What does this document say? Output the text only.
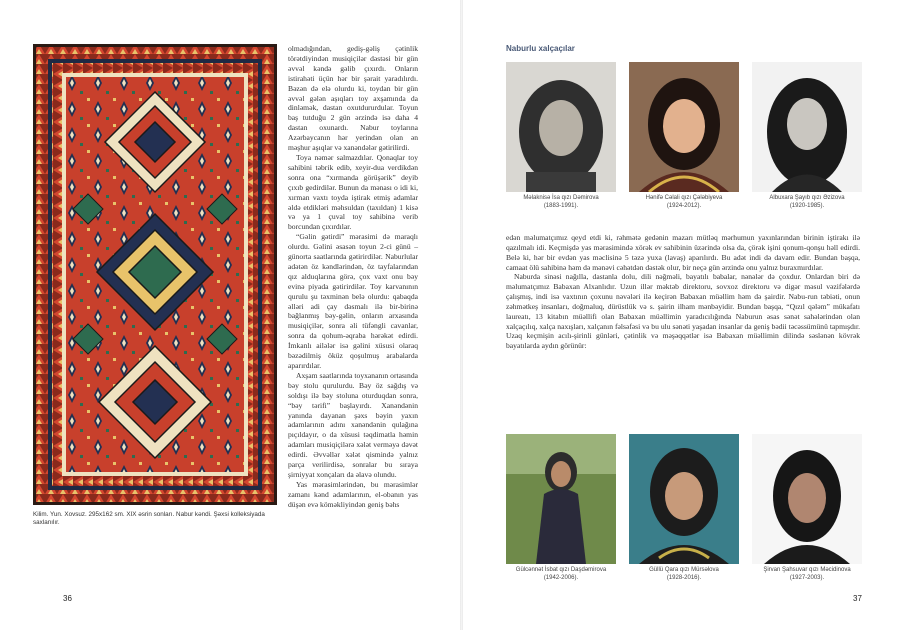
Kilim. Yun. Xovsuz. 295x162 sm. XIX əsrin sonları. Nabur kəndi. Şəxsi kolleksiyada saxlanılır.

olmadığından, gediş-gəliş çətinlik törətdiyindən musiqiçilər dəstəsi bir gün əvvəl kəndə gəlib çıxırdı. Onların istirahəti üçün hər bir şərait yaradılırdı. Bəzən də elə olurdu ki, toydan bir gün əvvəl gələn aşıqları toy axşamında da dinləmək, dastan oxutdururdular. Toyun baş tutduğu 2 gün ərzində isə daha 4 dastan oxunardı. Nabur toylarına Azərbaycanın hər yerindən olan ən məşhur aşıqlar və xanəndələr gətirilirdi.

Toya nəmər salmazdılar. Qonaqlar toy sahibini təbrik edib, xeyir-dua verdikdən sonra ona “xırmanda görüşərik” deyib çıxıb gedirdilər. Bunun da mənası o idi ki, xırman vaxtı toyda iştirak etmiş adamlar əldə etdikləri məhsuldan (taxıldan) 1 kisə və ya 1 çuval toy sahibinə verib borcundan çıxırdılar.

“Gəlin gətirdi” mərasimi də maraqlı olurdu. Gəlini əsasən toyun 2-ci günü – günorta saatlarında gətirirdilər. Naburlular adətən öz kəndlərindən, öz tayfalarından qız alduqlarına görə, çox vaxt onu bəy evinə piyada gətirirdilər. Toy karvanının qurulu şu təxminən belə olurdu: qabaqda əlləri adi çay dəsmalı ilə bir-birinə bağlanmış bəy-gəlin, onların arxasında musiqiçilər, sonra əli tüfəngli cavanlar, sonra da qohum-əqraba hərəkət edirdi. İmkanlı ailələr isə gəlini xüsusi olaraq bəzədilmiş öküz qoşulmuş arabalarda aparırdılar.

Axşam saatlarında toyxananın ortasında bəy stolu qurulurdu. Bəy öz sağdış və soldışı ilə bəy stoluna oturduqdan sonra, “bəy tərifi” başlayırdı. Xanəndənin yanında dayanan şəxs bəyin yaxın adamlarının adını xanəndənin qulağına pıçıldayır, o da xüsusi təqdimatla həmin adamları musiqiçilərə xələt verməyə dəvət edirdi. Əvvəllər xələt qismində yalnız parça verilirdisə, sonralar bu sıraya şirniyyat xonçaları da əlavə olundu.

Yas mərasimlərindən, bu mərasimlər zamanı kənd adamlarının, el-obanın yas düşən evə köməkliyindən geniş bəhs

36
Naburlu xalçaçılar
Məlaknisə İsa qızı Dəmirova
(1883-1991).
Hənifə Cəlali qızı Çələbiyeva
(1924-2012).
Albuxara Şayıb qızı Əzizova
(1920-1985).

edən məlumatçımız qeyd etdi ki, rəhmətə gedənin mazarı mütləq mərhumun yaxınlarından birinin iştirakı ilə qazılmalı idi. Keçmişdə yas mərasimində xörək ev sahibinin üzərində olsa da, çörək işini qonum-qonşu həll edirdi. Belə ki, hər bir evdən yas məclisinə 5 təzə yuxa (lavaş) aparılırdı. Bu adət indi də davam edir. Bundan başqa, camaat ölü sahibinə həm də mənəvi cəhətdən dəstək olur, bir neçə gün ərzində onu yalnız buraxmırdılar.

Naburda sinəsi nağılla, dastanla dolu, dili nəğməli, bayatılı babalar, nənələr də çoxdur. Onlardan biri də məlumatçımız Babaxan Alxanlıdır. Uzun illər məktəb direktoru, sovxoz direktoru və digər məsul vəzifələrdə çalışmış, indi isə vaxtının çoxunu nəvələri ilə keçirən Babaxan müəllim həm də şairdir. Nabu-run təbiəti, onun zəhmətkeş insanları, doğmaluq, dürüstlük və s. şairin ilham mənbəyidir. Bundan başqa, “Qızıl qələm” mükafatı laureatı, 13 kitabın müəllifi olan Babaxan müəllimin yaradıcılığında Naburun əsas sənət sahələrindən olan xalçaçılıq, xalça naxışları, xalçanın fəlsəfəsi və bu ulu sənəti yaşadan insanlar da geniş bədii təcəssümünü tapmışdır. Uzaq keçmişin acılı-şirinli günləri, çətinlik və məşəqqətlər isə Babaxan müəllimin dilində səslənən kövrək bayatılarda aydın görünür:

Gülcənnət İsbat qızı Daşdəmirova
(1942-2006).
Güllü Qara qızı Mürsəlova
(1928-2016).
Şirvan Şahsuvar qızı Məcidinova
(1927-2003).
37
